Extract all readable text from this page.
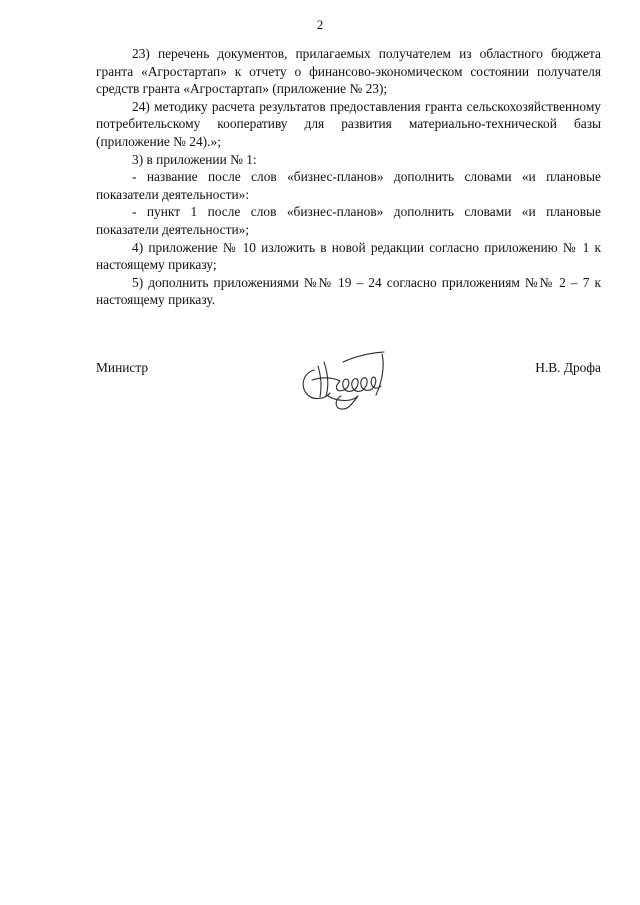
2

23) перечень документов, прилагаемых получателем из областного бюджета гранта «Агростартап» к отчету о финансово-экономическом состоянии получателя средств гранта «Агростартап» (приложение № 23);

24) методику расчета результатов предоставления гранта сельскохозяйственному потребительскому кооперативу для развития материально-технической базы (приложение № 24).»;

3) в приложении № 1:

- название после слов «бизнес-планов» дополнить словами «и плановые показатели деятельности»:

- пункт 1 после слов «бизнес-планов» дополнить словами «и плановые показатели деятельности»;

4) приложение № 10 изложить в новой редакции согласно приложению № 1 к настоящему приказу;

5) дополнить приложениями №№ 19 – 24 согласно приложениям №№ 2 – 7 к настоящему приказу.

Министр	Н.В. Дрофа
